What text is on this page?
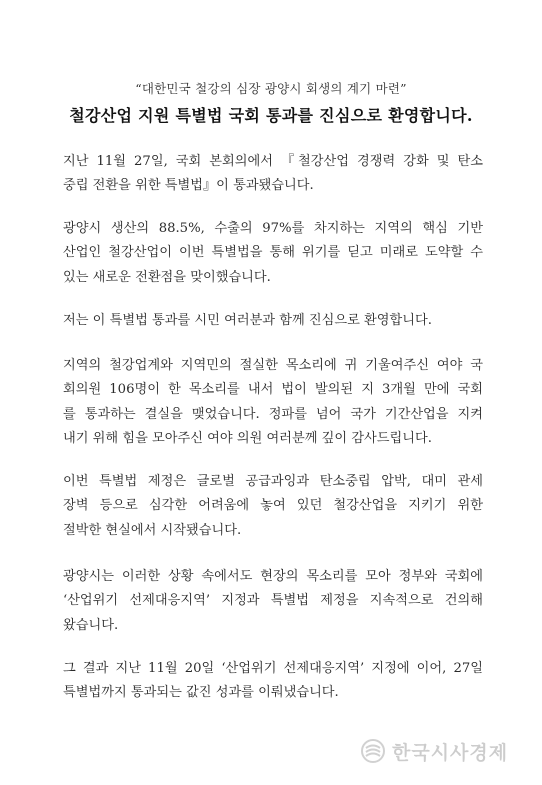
“대한민국 철강의 심장 광양시 회생의 계기 마련”
철강산업 지원 특별법 국회 통과를 진심으로 환영합니다.
지난 11월 27일, 국회 본회의에서 『철강산업 경쟁력 강화 및 탄소
중립 전환을 위한 특별법』이 통과됐습니다.
광양시 생산의 88.5%, 수출의 97%를 차지하는 지역의 핵심 기반
산업인 철강산업이 이번 특별법을 통해 위기를 딛고 미래로 도약할 수
있는 새로운 전환점을 맞이했습니다.
저는 이 특별법 통과를 시민 여러분과 함께 진심으로 환영합니다.
지역의 철강업계와 지역민의 절실한 목소리에 귀 기울여주신 여야 국
회의원 106명이 한 목소리를 내서 법이 발의된 지 3개월 만에 국회
를 통과하는 결실을 맺었습니다. 정파를 넘어 국가 기간산업을 지켜
내기 위해 힘을 모아주신 여야 의원 여러분께 깊이 감사드립니다.
이번 특별법 제정은 글로벌 공급과잉과 탄소중립 압박, 대미 관세
장벽 등으로 심각한 어려움에 놓여 있던 철강산업을 지키기 위한
절박한 현실에서 시작됐습니다.
광양시는 이러한 상황 속에서도 현장의 목소리를 모아 정부와 국회에
‘산업위기 선제대응지역’ 지정과 특별법 제정을 지속적으로 건의해
왔습니다.
그 결과 지난 11월 20일 ‘산업위기 선제대응지역’ 지정에 이어, 27일
특별법까지 통과되는 값진 성과를 이뤄냈습니다.
한국시사경제
